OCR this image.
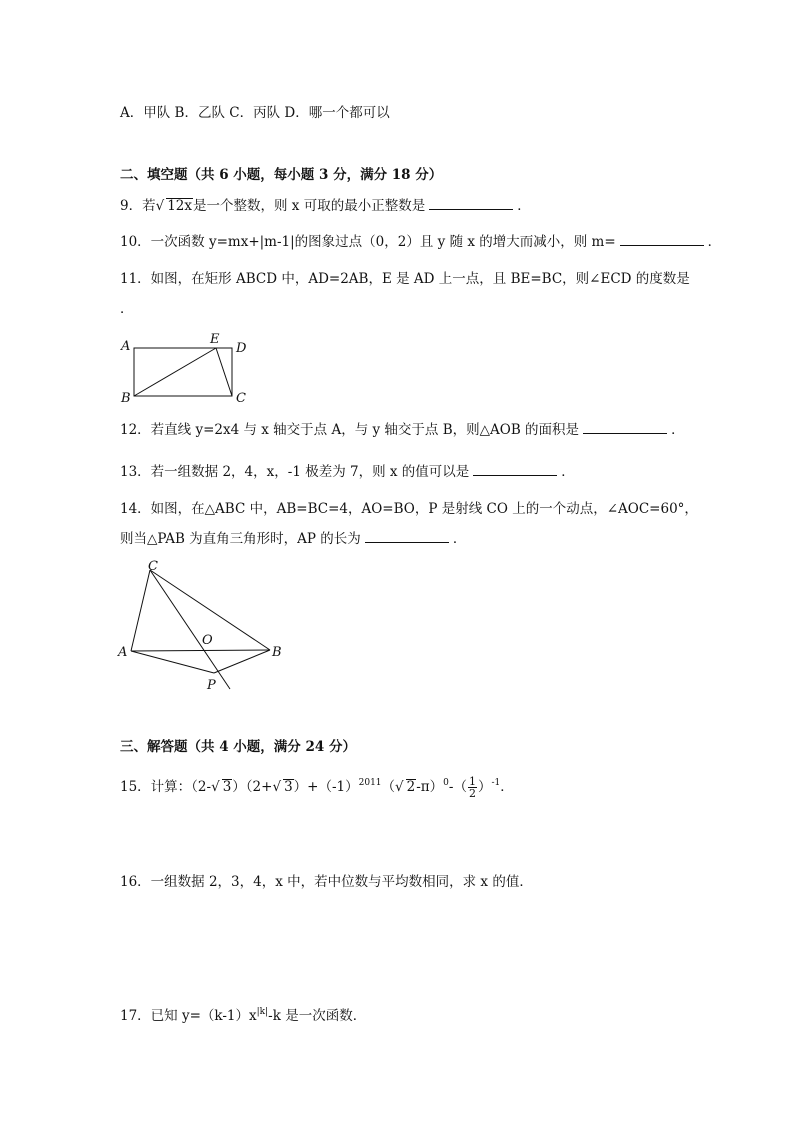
A．甲队 B．乙队 C．丙队 D．哪一个都可以
二、填空题（共 6 小题，每小题 3 分，满分 18 分）
9．若√ 12x是一个整数，则 x 可取的最小正整数是	．
10．一次函数 y=mx+|m-1|的图象过点（0，2）且 y 随 x 的增大而减小，则 m=	．
11．如图，在矩形 ABCD 中，AD=2AB，E 是 AD 上一点，且 BE=BC，则∠ECD 的度数是
．
A	E
D
B	C
12．若直线 y=2x4 与 x 轴交于点 A，与 y 轴交于点 B，则△AOB 的面积是	．
13．若一组数据 2，4，x，-1 极差为 7，则 x 的值可以是	．
14．如图，在△ABC 中，AB=BC=4，AO=BO，P 是射线 CO 上的一个动点，∠AOC=60°，
则当△PAB 为直角三角形时，AP 的长为	．
C
A	B
O
P
三、解答题（共 4 小题，满分 24 分）
15．计算：（2-√ 3）（2+√ $3)+(-1)^{2011}(√$ $2-\pi)^0-( \frac{1}{2} )^{-1}$．
16．一组数据 2，3，4，x 中，若中位数与平均数相同，求 x 的值．
17．已知 $y=(k-1)x^{|k|}-k$ 是一次函数．
